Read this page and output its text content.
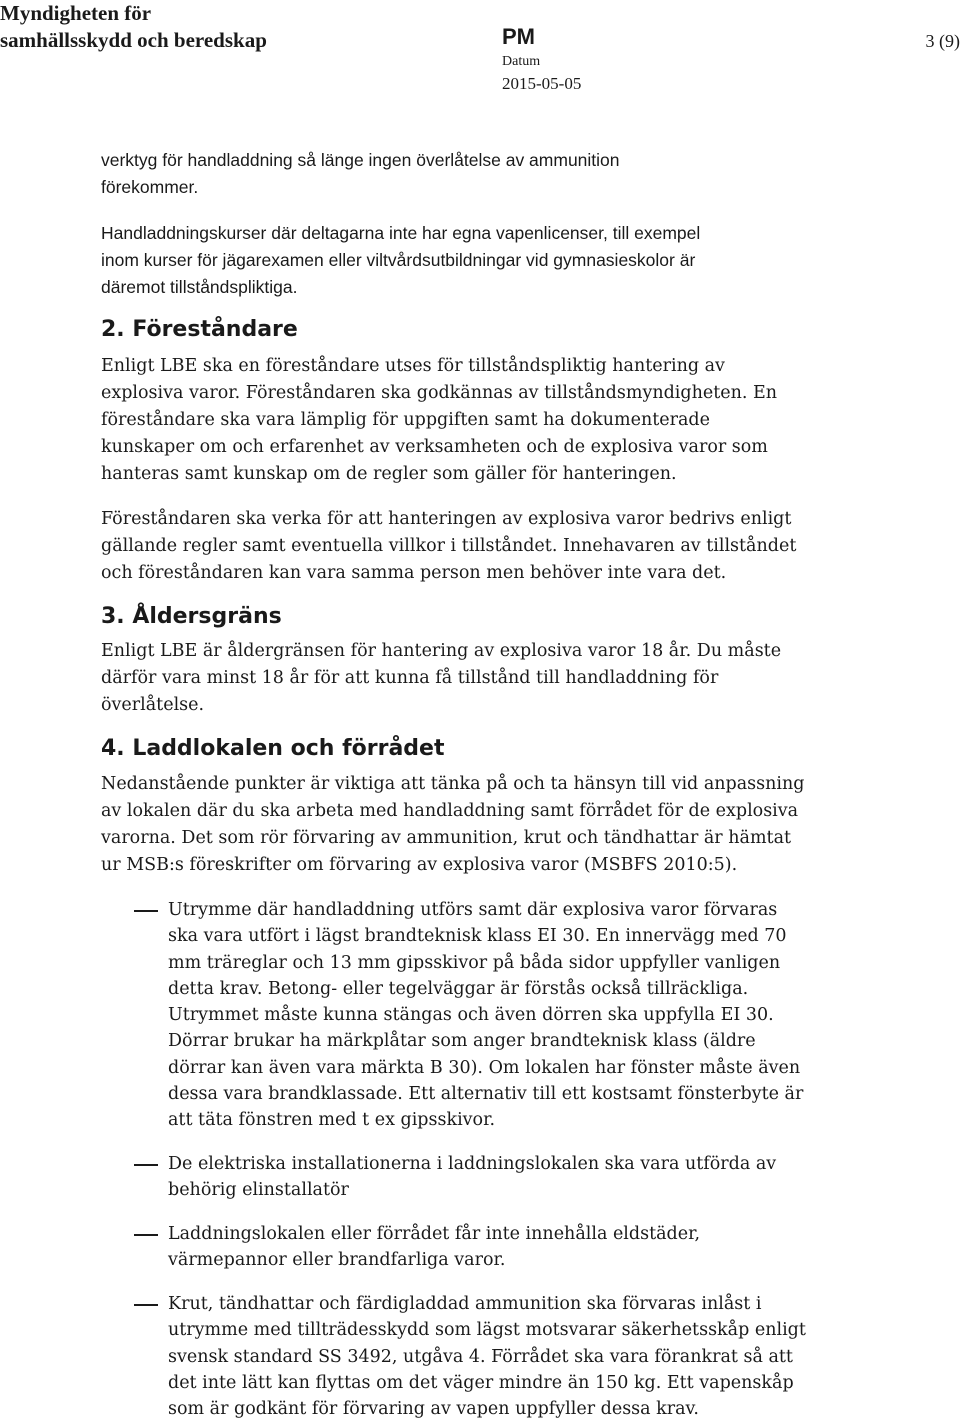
Myndigheten för
samhällsskydd och beredskap	PM
Datum
2015-05-05
3 (9)
verktyg för handladdning så länge ingen överlåtelse av ammunition
förekommer.
Handladdningskurser där deltagarna inte har egna vapenlicenser, till exempel
inom kurser för jägarexamen eller viltvårdsutbildningar vid gymnasieskolor är
däremot tillståndspliktiga.
2. Föreståndare

Enligt LBE ska en föreståndare utses för tillståndspliktig hantering av explosiva varor. Föreståndaren ska godkännas av tillståndsmyndigheten. En föreståndare ska vara lämplig för uppgiften samt ha dokumenterade kunskaper om och erfarenhet av verksamheten och de explosiva varor som hanteras samt kunskap om de regler som gäller för hanteringen.

Föreståndaren ska verka för att hanteringen av explosiva varor bedrivs enligt gällande regler samt eventuella villkor i tillståndet. Innehavaren av tillståndet och föreståndaren kan vara samma person men behöver inte vara det.

3. Åldersgräns

Enligt LBE är åldergränsen för hantering av explosiva varor 18 år. Du måste därför vara minst 18 år för att kunna få tillstånd till handladdning för överlåtelse.

4. Laddlokalen och förrådet

Nedanstående punkter är viktiga att tänka på och ta hänsyn till vid anpassning av lokalen där du ska arbeta med handladdning samt förrådet för de explosiva varorna. Det som rör förvaring av ammunition, krut och tändhattar är hämtat ur MSB:s föreskrifter om förvaring av explosiva varor (MSBFS 2010:5).

Utrymme där handladdning utförs samt där explosiva varor förvaras ska vara utfört i lägst brandteknisk klass EI 30. En innervägg med 70 mm träreglar och 13 mm gipsskivor på båda sidor uppfyller vanligen detta krav. Betong- eller tegelväggar är förstås också tillräckliga. Utrymmet måste kunna stängas och även dörren ska uppfylla EI 30. Dörrar brukar ha märkplåtar som anger brandteknisk klass (äldre dörrar kan även vara märkta B 30). Om lokalen har fönster måste även dessa vara brandklassade. Ett alternativ till ett kostsamt fönsterbyte är att täta fönstren med t ex gipsskivor.

De elektriska installationerna i laddningslokalen ska vara utförda av behörig elinstallatör

Laddningslokalen eller förrådet får inte innehålla eldstäder, värmepannor eller brandfarliga varor.

Krut, tändhattar och färdigladdad ammunition ska förvaras inlåst i utrymme med tillträdesskydd som lägst motsvarar säkerhetsskåp enligt svensk standard SS 3492, utgåva 4. Förrådet ska vara förankrat så att det inte lätt kan flyttas om det väger mindre än 150 kg. Ett vapenskåp som är godkänt för förvaring av vapen uppfyller dessa krav.
